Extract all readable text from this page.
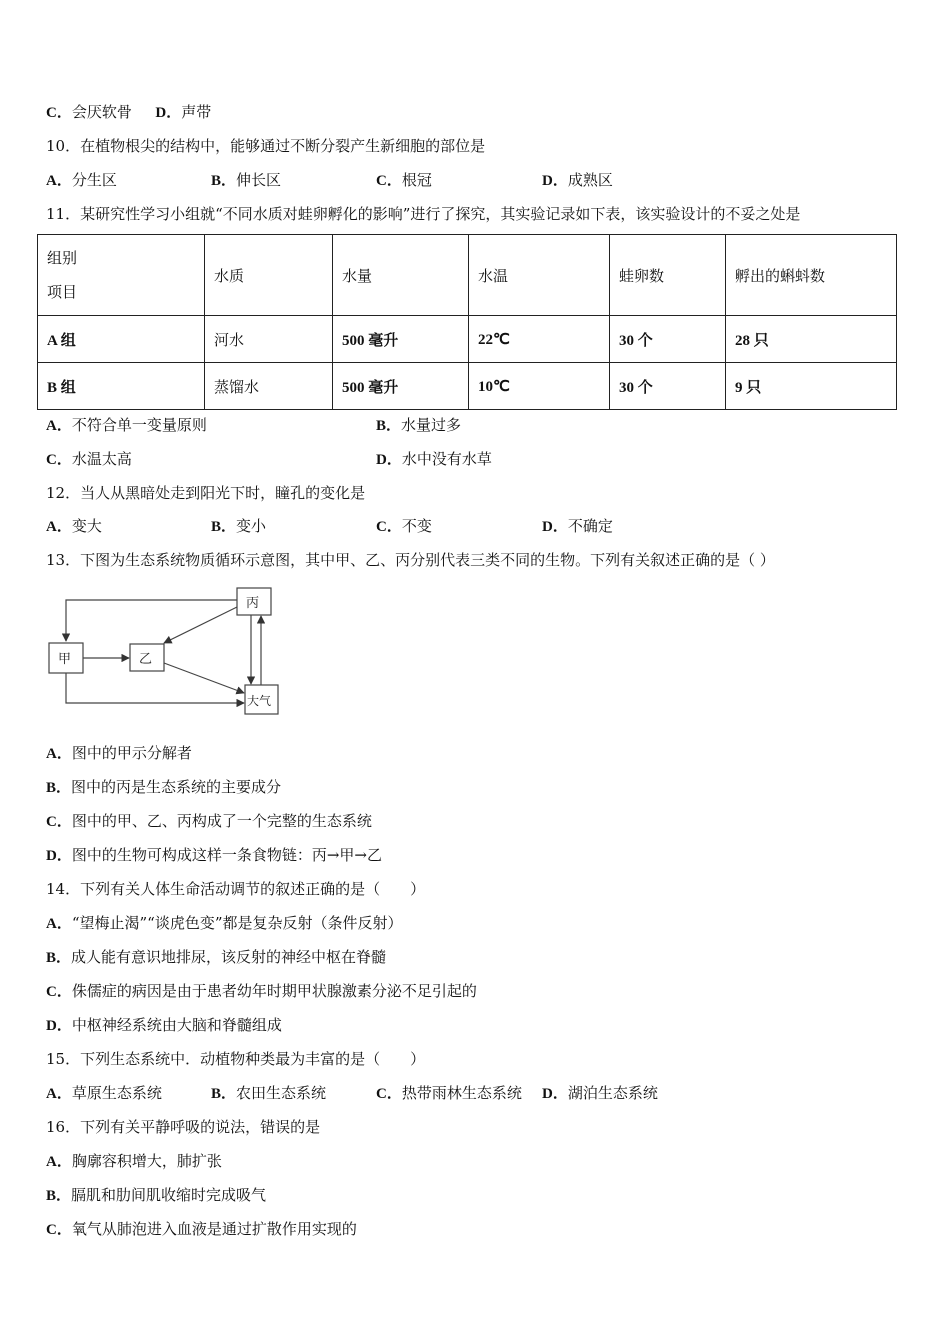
C．会厌软骨 D．声带
10．在植物根尖的结构中，能够通过不断分裂产生新细胞的部位是
A．分生区	B．伸长区	C．根冠	D．成熟区
11．某研究性学习小组就“不同水质对蛙卵孵化的影响”进行了探究，其实验记录如下表，该实验设计的不妥之处是
组别
项目	水质	水量	水温	蛙卵数	孵出的蝌蚪数
A 组	河水	500 毫升	22℃	30 个	28 只
B 组	蒸馏水	500 毫升	10℃	30 个	9 只
A．不符合单一变量原则	B．水量过多
C．水温太高	D．水中没有水草
12．当人从黑暗处走到阳光下时，瞳孔的变化是
A．变大	B．变小	C．不变	D．不确定
13．下图为生态系统物质循环示意图，其中甲、乙、丙分别代表三类不同的生物。下列有关叙述正确的是（ ）
甲	乙
丙
大气
A．图中的甲示分解者
B．图中的丙是生态系统的主要成分
C．图中的甲、乙、丙构成了一个完整的生态系统
D．图中的生物可构成这样一条食物链：丙→甲→乙
14．下列有关人体生命活动调节的叙述正确的是（　　）
A．“望梅止渴”“谈虎色变”都是复杂反射（条件反射）
B．成人能有意识地排尿，该反射的神经中枢在脊髓
C．侏儒症的病因是由于患者幼年时期甲状腺激素分泌不足引起的
D．中枢神经系统由大脑和脊髓组成
15．下列生态系统中．动植物种类最为丰富的是（　　）
A．草原生态系统	B．农田生态系统	C．热带雨林生态系统 D．湖泊生态系统
16．下列有关平静呼吸的说法，错误的是
A．胸廓容积增大，肺扩张
B．膈肌和肋间肌收缩时完成吸气
C．氧气从肺泡进入血液是通过扩散作用实现的
